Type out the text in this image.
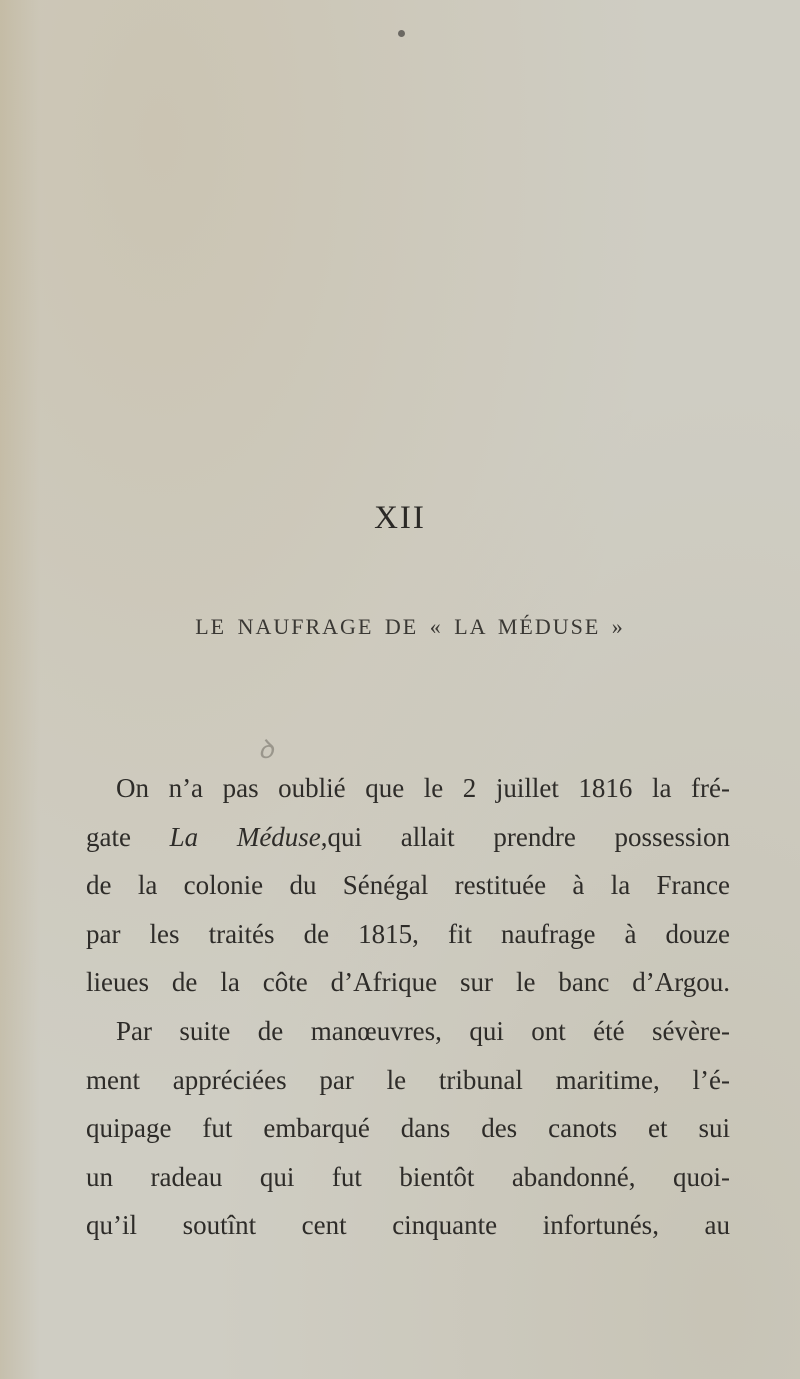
XII
LE NAUFRAGE DE « LA MÉDUSE »
ꝺ
On n’a pas oublié que le 2 juillet 1816 la fré-
gate La Méduse,qui allait prendre possession
de la colonie du Sénégal restituée à la France
par les traités de 1815, fit naufrage à douze
lieues de la côte d’Afrique sur le banc d’Argou.
Par suite de manœuvres, qui ont été sévère-
ment appréciées par le tribunal maritime, l’é-
quipage fut embarqué dans des canots et sui
un radeau qui fut bientôt abandonné, quoi-
qu’il soutînt cent cinquante infortunés, au
